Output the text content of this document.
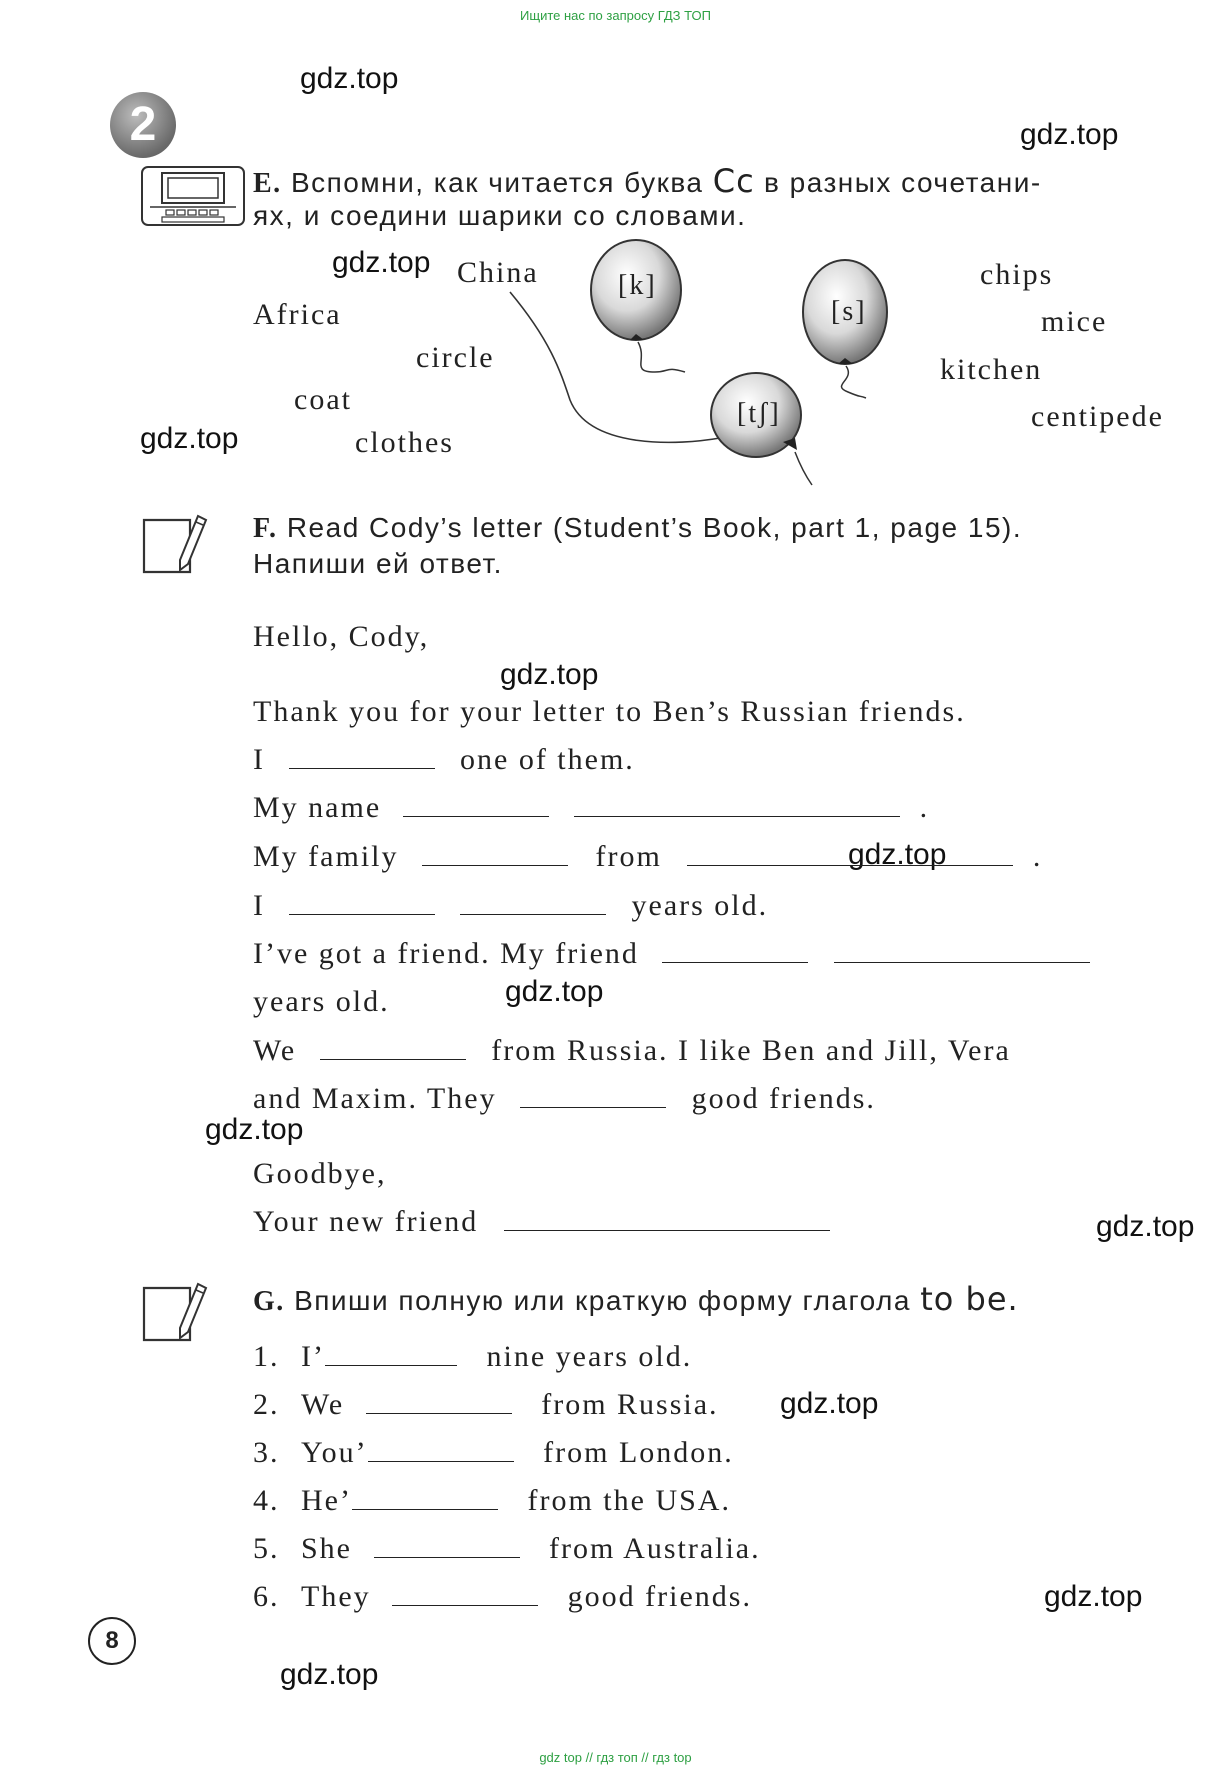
Ищите нас по запросу ГДЗ ТОП
gdz top // гдз топ // гдз top
gdz.top
gdz.top
gdz.top
gdz.top
gdz.top
gdz.top
gdz.top
gdz.top
gdz.top
gdz.top
gdz.top
gdz.top
2
E. Вспомни, как читается буква Cc в разных сочетани-
ях, и соедини шарики со словами.
[k]
[s]
[tʃ]
China
Africa
circle
coat
clothes
chips
mice
kitchen
centipede
F. Read Cody’s letter (Student’s Book, part 1, page 15).
Напиши ей ответ.
Hello, Cody,
Thank you for your letter to Ben’s Russian friends.
I	one of them.
My name	.
My family	from	.
I	years old.
I’ve got a friend. My friend
years old.
We	from Russia. I like Ben and Jill, Vera
and Maxim. They	good friends.
Goodbye,
Your new friend
G. Впиши полную или краткую форму глагола to be.
1. I’	nine years old.
2. We	from Russia.
3. You’	from London.
4. He’	from the USA.
5. She	from Australia.
6. They	good friends.
8
